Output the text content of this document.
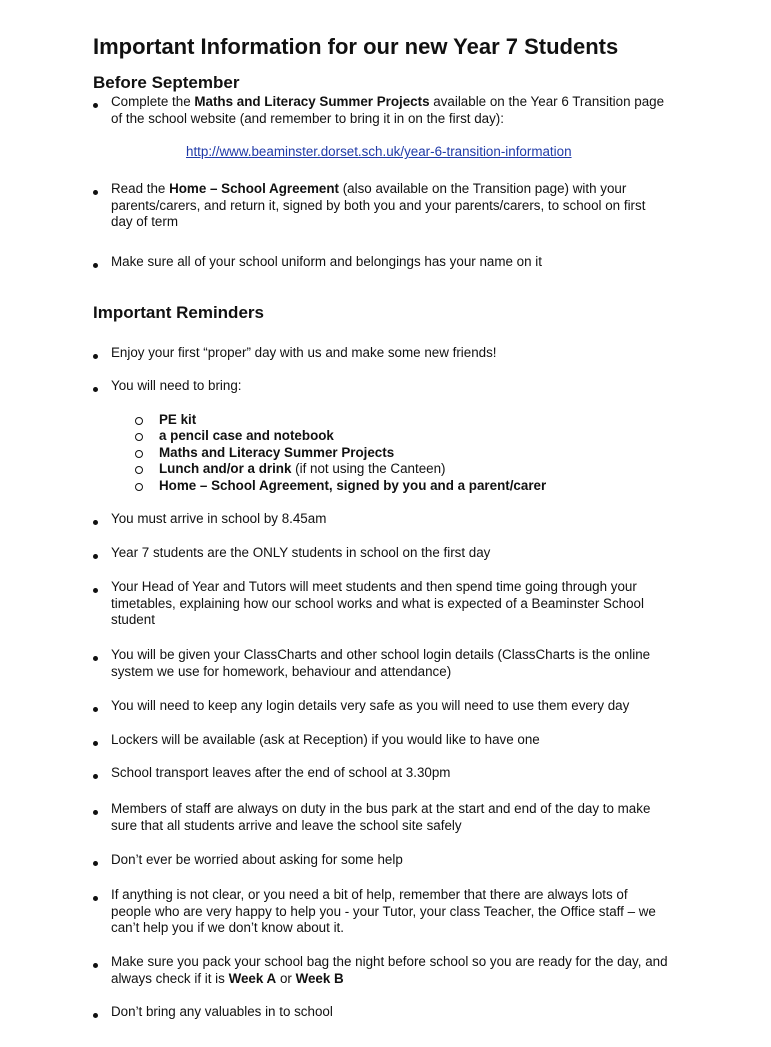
Important Information for our new Year 7 Students
Before September
Complete the Maths and Literacy Summer Projects available on the Year 6 Transition page
of the school website (and remember to bring it in on the first day):
http://www.beaminster.dorset.sch.uk/year-6-transition-information
Read the Home – School Agreement (also available on the Transition page) with your
parents/carers, and return it, signed by both you and your parents/carers, to school on first
day of term
Make sure all of your school uniform and belongings has your name on it
Important Reminders
Enjoy your first “proper” day with us and make some new friends!
You will need to bring:
PE kit
a pencil case and notebook
Maths and Literacy Summer Projects
Lunch and/or a drink (if not using the Canteen)
Home – School Agreement, signed by you and a parent/carer
You must arrive in school by 8.45am
Year 7 students are the ONLY students in school on the first day
Your Head of Year and Tutors will meet students and then spend time going through your
timetables, explaining how our school works and what is expected of a Beaminster School
student
You will be given your ClassCharts and other school login details (ClassCharts is the online
system we use for homework, behaviour and attendance)
You will need to keep any login details very safe as you will need to use them every day
Lockers will be available (ask at Reception) if you would like to have one
School transport leaves after the end of school at 3.30pm
Members of staff are always on duty in the bus park at the start and end of the day to make
sure that all students arrive and leave the school site safely
Don’t ever be worried about asking for some help
If anything is not clear, or you need a bit of help, remember that there are always lots of
people who are very happy to help you - your Tutor, your class Teacher, the Office staff – we
can’t help you if we don’t know about it.
Make sure you pack your school bag the night before school so you are ready for the day, and
always check if it is Week A or Week B
Don’t bring any valuables in to school
